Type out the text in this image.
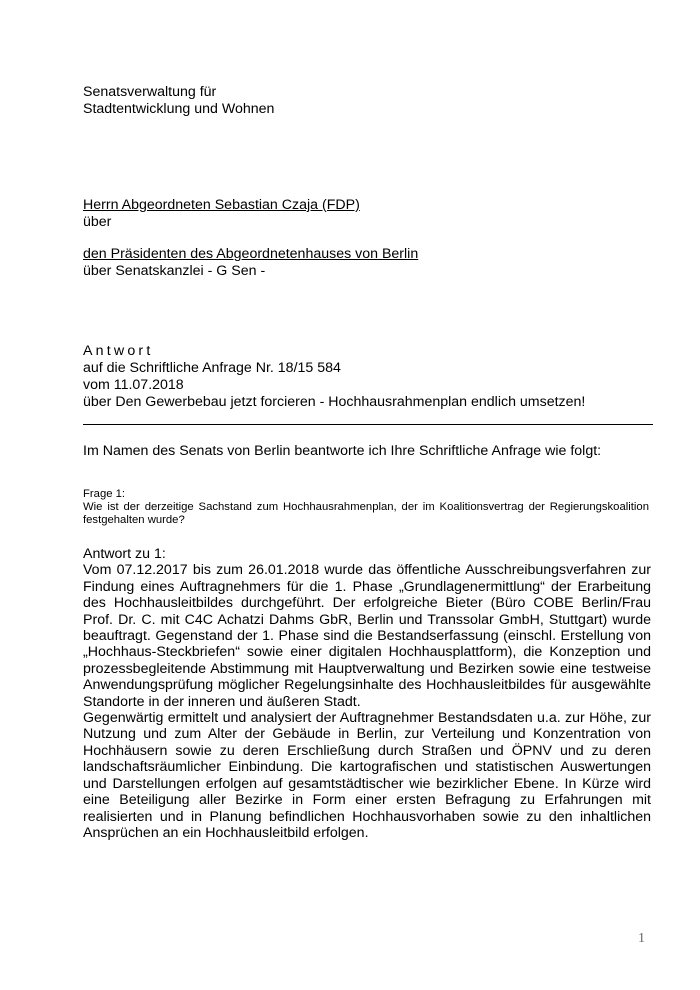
Senatsverwaltung für
Stadtentwicklung und Wohnen
Herrn Abgeordneten Sebastian Czaja (FDP)
über
den Präsidenten des Abgeordnetenhauses von Berlin
über Senatskanzlei - G Sen -
Antwort
auf die Schriftliche Anfrage Nr. 18/15 584
vom 11.07.2018
über Den Gewerbebau jetzt forcieren - Hochhausrahmenplan endlich umsetzen!
Im Namen des Senats von Berlin beantworte ich Ihre Schriftliche Anfrage wie folgt:
Frage 1:
Wie ist der derzeitige Sachstand zum Hochhausrahmenplan, der im Koalitionsvertrag der Regierungskoalition festgehalten wurde?
Antwort zu 1:

Vom 07.12.2017 bis zum 26.01.2018 wurde das öffentliche Ausschreibungsverfahren zur Findung eines Auftragnehmers für die 1. Phase „Grundlagenermittlung“ der Erarbeitung des Hochhausleitbildes durchgeführt. Der erfolgreiche Bieter (Büro COBE Berlin/Frau Prof. Dr. C. mit C4C Achatzi Dahms GbR, Berlin und Transsolar GmbH, Stuttgart) wurde beauftragt. Gegenstand der 1. Phase sind die Bestandserfassung (einschl. Erstellung von „Hochhaus-Steckbriefen“ sowie einer digitalen Hochhausplattform), die Konzeption und prozessbegleitende Abstimmung mit Hauptverwaltung und Bezirken sowie eine testweise Anwendungsprüfung möglicher Regelungsinhalte des Hochhausleitbildes für ausgewählte Standorte in der inneren und äußeren Stadt.

Gegenwärtig ermittelt und analysiert der Auftragnehmer Bestandsdaten u.a. zur Höhe, zur Nutzung und zum Alter der Gebäude in Berlin, zur Verteilung und Konzentration von Hochhäusern sowie zu deren Erschließung durch Straßen und ÖPNV und zu deren landschaftsräumlicher Einbindung. Die kartografischen und statistischen Auswertungen und Darstellungen erfolgen auf gesamtstädtischer wie bezirklicher Ebene. In Kürze wird eine Beteiligung aller Bezirke in Form einer ersten Befragung zu Erfahrungen mit realisierten und in Planung befindlichen Hochhausvorhaben sowie zu den inhaltlichen Ansprüchen an ein Hochhausleitbild erfolgen.

1
